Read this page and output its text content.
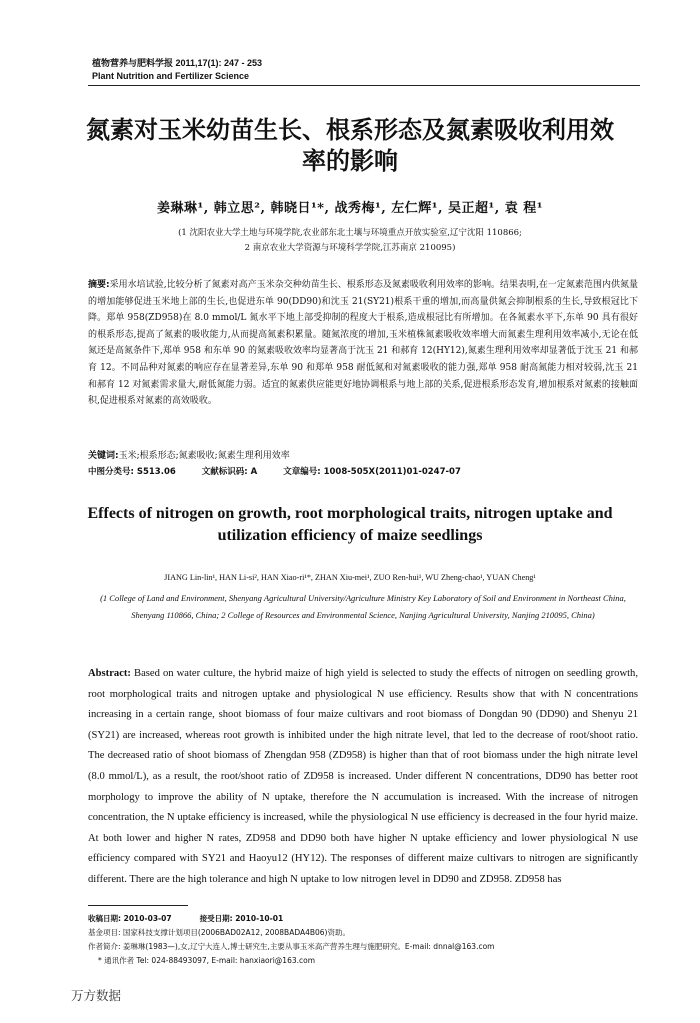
植物营养与肥料学报 2011,17(1): 247 - 253
Plant Nutrition and Fertilizer Science
氮素对玉米幼苗生长、根系形态及氮素吸收利用效率的影响
姜琳琳¹, 韩立思², 韩晓日¹*, 战秀梅¹, 左仁辉¹, 吴正超¹, 袁 程¹
(1 沈阳农业大学土地与环境学院,农业部东北土壤与环境重点开放实验室,辽宁沈阳 110866;
2 南京农业大学资源与环境科学学院,江苏南京 210095)
摘要:采用水培试验,比较分析了氮素对高产玉米杂交种幼苗生长、根系形态及氮素吸收利用效率的影响。结果表明,在一定氮素范围内供氮量的增加能够促进玉米地上部的生长,也促进东单 90(DD90)和沈玉 21(SY21)根系干重的增加,而高量供氮会抑制根系的生长,导致根冠比下降。郑单 958(ZD958)在 8.0 mmol/L 氮水平下地上部受抑制的程度大于根系,造成根冠比有所增加。在各氮素水平下,东单 90 具有很好的根系形态,提高了氮素的吸收能力,从而提高氮素积累量。随氮浓度的增加,玉米植株氮素吸收效率增大而氮素生理利用效率减小,无论在低氮还是高氮条件下,郑单 958 和东单 90 的氮素吸收效率均显著高于沈玉 21 和郝育 12(HY12),氮素生理利用效率却显著低于沈玉 21 和郝育 12。不同品种对氮素的响应存在显著差异,东单 90 和郑单 958 耐低氮和对氮素吸收的能力强,郑单 958 耐高氮能力相对较弱,沈玉 21 和郝育 12 对氮素需求量大,耐低氮能力弱。适宜的氮素供应能更好地协调根系与地上部的关系,促进根系形态发育,增加根系对氮素的接触面积,促进根系对氮素的高效吸收。
关键词:玉米;根系形态;氮素吸收;氮素生理利用效率
中图分类号: S513.06	文献标识码: A	文章编号: 1008-505X(2011)01-0247-07
Effects of nitrogen on growth, root morphological traits, nitrogen uptake and utilization efficiency of maize seedlings
JIANG Lin-lin¹, HAN Li-si², HAN Xiao-ri¹*, ZHAN Xiu-mei¹, ZUO Ren-hui¹, WU Zheng-chao¹, YUAN Cheng¹
(1 College of Land and Environment, Shenyang Agricultural University/Agriculture Ministry Key Laboratory of Soil and Environment in Northeast China, Shenyang 110866, China; 2 College of Resources and Environmental Science, Nanjing Agricultural University, Nanjing 210095, China)
Abstract: Based on water culture, the hybrid maize of high yield is selected to study the effects of nitrogen on seedling growth, root morphological traits and nitrogen uptake and physiological N use efficiency. Results show that with N concentrations increasing in a certain range, shoot biomass of four maize cultivars and root biomass of Dongdan 90 (DD90) and Shenyu 21 (SY21) are increased, whereas root growth is inhibited under the high nitrate level, that led to the decrease of root/shoot ratio. The decreased ratio of shoot biomass of Zhengdan 958 (ZD958) is higher than that of root biomass under the high nitrate level (8.0 mmol/L), as a result, the root/shoot ratio of ZD958 is increased. Under different N concentrations, DD90 has better root morphology to improve the ability of N uptake, therefore the N accumulation is increased. With the increase of nitrogen concentration, the N uptake efficiency is increased, while the physiological N use efficiency is decreased in the four hyrid maize. At both lower and higher N rates, ZD958 and DD90 both have higher N uptake efficiency and lower physiological N use efficiency compared with SY21 and Haoyu12 (HY12). The responses of different maize cultivars to nitrogen are significantly different. There are the high tolerance and high N uptake to low nitrogen level in DD90 and ZD958. ZD958 has
收稿日期: 2010-03-07	接受日期: 2010-10-01
基金项目: 国家科技支撑计划项目(2006BAD02A12, 2008BADA4B06)资助。
作者简介: 姜琳琳(1983—),女,辽宁大连人,博士研究生,主要从事玉米高产营养生理与施肥研究。E-mail: dnnal@163.com
* 通讯作者 Tel: 024-88493097, E-mail: hanxiaori@163.com
万方数据
